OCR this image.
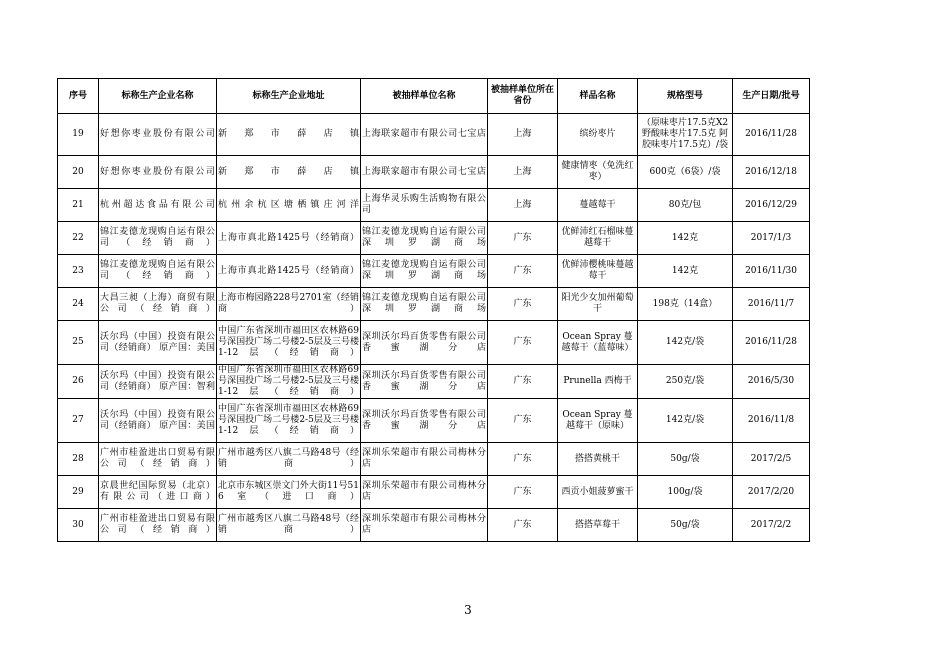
序号	标称生产企业名称	标称生产企业地址	被抽样单位名称	被抽样单位所在省份	样品名称	规格型号	生产日期/批号
19	好想你枣业股份有限公司	新郑市薛店镇	上海联家超市有限公司七宝店	上海	缤纷枣片	（原味枣片17.5克X2 野酸味枣片17.5克 阿胶味枣片17.5克）/袋	2016/11/28
20	好想你枣业股份有限公司	新郑市薛店镇	上海联家超市有限公司七宝店	上海	健康情枣（免洗红枣）	600克（6袋）/袋	2016/12/18
21	杭州超达食品有限公司	杭州余杭区塘栖镇庄河洋	上海华灵乐购生活购物有限公司	上海	蔓越莓干	80克/包	2016/12/29
22	锦江麦德龙现购自运有限公司（经销商）	上海市真北路1425号（经销商）	锦江麦德龙现购自运有限公司深圳罗湖商场	广东	优鲜沛红石榴味蔓越莓干	142克	2017/1/3
23	锦江麦德龙现购自运有限公司（经销商）	上海市真北路1425号（经销商）	锦江麦德龙现购自运有限公司深圳罗湖商场	广东	优鲜沛樱桃味蔓越莓干	142克	2016/11/30
24	大昌三昶（上海）商贸有限公司（经销商）	上海市梅园路228号2701室（经销商）	锦江麦德龙现购自运有限公司深圳罗湖商场	广东	阳光少女加州葡萄干	198克（14盒）	2016/11/7
25	沃尔玛（中国）投资有限公司（经销商） 原产国：美国	中国广东省深圳市福田区农林路69号深国投广场二号楼2-5层及三号楼1-12层（经销商）	深圳沃尔玛百货零售有限公司香蜜湖分店	广东	Ocean Spray 蔓越莓干（蓝莓味）	142克/袋	2016/11/28
26	沃尔玛（中国）投资有限公司（经销商） 原产国：智利	中国广东省深圳市福田区农林路69号深国投广场二号楼2-5层及三号楼1-12层（经销商）	深圳沃尔玛百货零售有限公司香蜜湖分店	广东	Prunella 西梅干	250克/袋	2016/5/30
27	沃尔玛（中国）投资有限公司（经销商） 原产国：美国	中国广东省深圳市福田区农林路69号深国投广场二号楼2-5层及三号楼1-12层（经销商）	深圳沃尔玛百货零售有限公司香蜜湖分店	广东	Ocean Spray 蔓越莓干（原味）	142克/袋	2016/11/8
28	广州市桂盈进出口贸易有限公司（经销商）	广州市越秀区八旗二马路48号（经销商）	深圳乐荣超市有限公司梅林分店	广东	搭搭黄桃干	50g/袋	2017/2/5
29	京晨世纪国际贸易（北京）有限公司（进口商）	北京市东城区崇文门外大街11号516室（进口商）	深圳乐荣超市有限公司梅林分店	广东	西贡小姐菠萝蜜干	100g/袋	2017/2/20
30	广州市桂盈进出口贸易有限公司（经销商）	广州市越秀区八旗二马路48号（经销商）	深圳乐荣超市有限公司梅林分店	广东	搭搭草莓干	50g/袋	2017/2/2
3
